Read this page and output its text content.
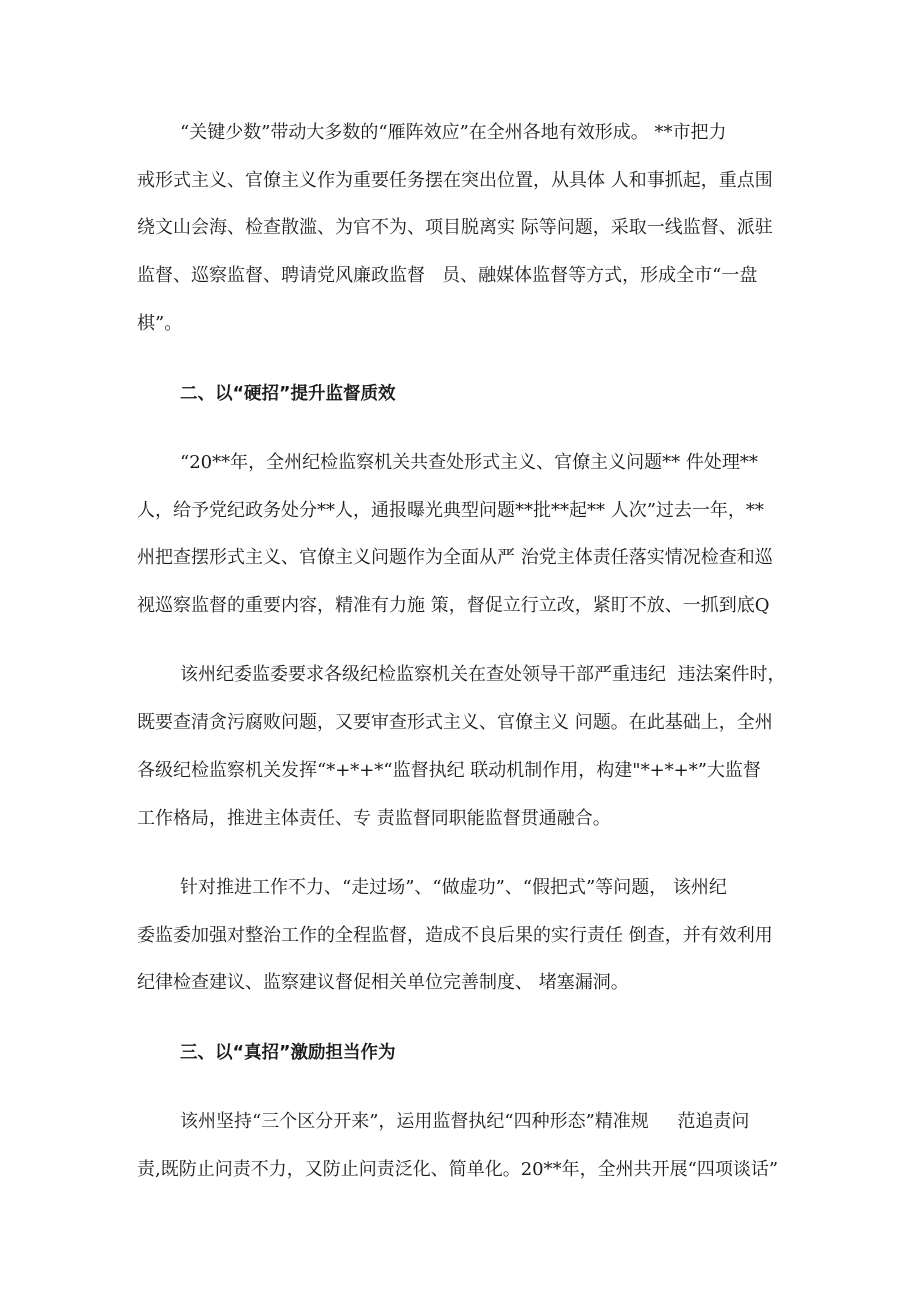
“关键少数”带动大多数的“雁阵效应”在全州各地有效形成。 **市把力
戒形式主义、官僚主义作为重要任务摆在突出位置，从具体 人和事抓起，重点围
绕文山会海、检查散滥、为官不为、项目脱离实 际等问题，采取一线监督、派驻
监督、巡察监督、聘请党风廉政监督   员、融媒体监督等方式，形成全市“一盘
棋”。
二、以“硬招”提升监督质效
“20**年，全州纪检监察机关共查处形式主义、官僚主义问题** 件处理**
人，给予党纪政务处分**人，通报曝光典型问题**批**起** 人次”过去一年，**
州把查摆形式主义、官僚主义问题作为全面从严 治党主体责任落实情况检查和巡
视巡察监督的重要内容，精准有力施 策，督促立行立改，紧盯不放、一抓到底Q
该州纪委监委要求各级纪检监察机关在查处领导干部严重违纪  违法案件时，
既要查清贪污腐败问题，又要审查形式主义、官僚主义 问题。在此基础上，全州
各级纪检监察机关发挥“*+*+*“监督执纪 联动机制作用，构建"*+*+*”大监督
工作格局，推进主体责任、专 责监督同职能监督贯通融合。
针对推进工作不力、“走过场”、“做虚功”、“假把式”等问题， 该州纪
委监委加强对整治工作的全程监督，造成不良后果的实行责任 倒查，并有效利用
纪律检查建议、监察建议督促相关单位完善制度、 堵塞漏洞。
三、以“真招”激励担当作为
该州坚持“三个区分开来”，运用监督执纪“四种形态”精准规     范追责问
责,既防止问责不力，又防止问责泛化、简单化。20**年，全州共开展“四项谈话”
